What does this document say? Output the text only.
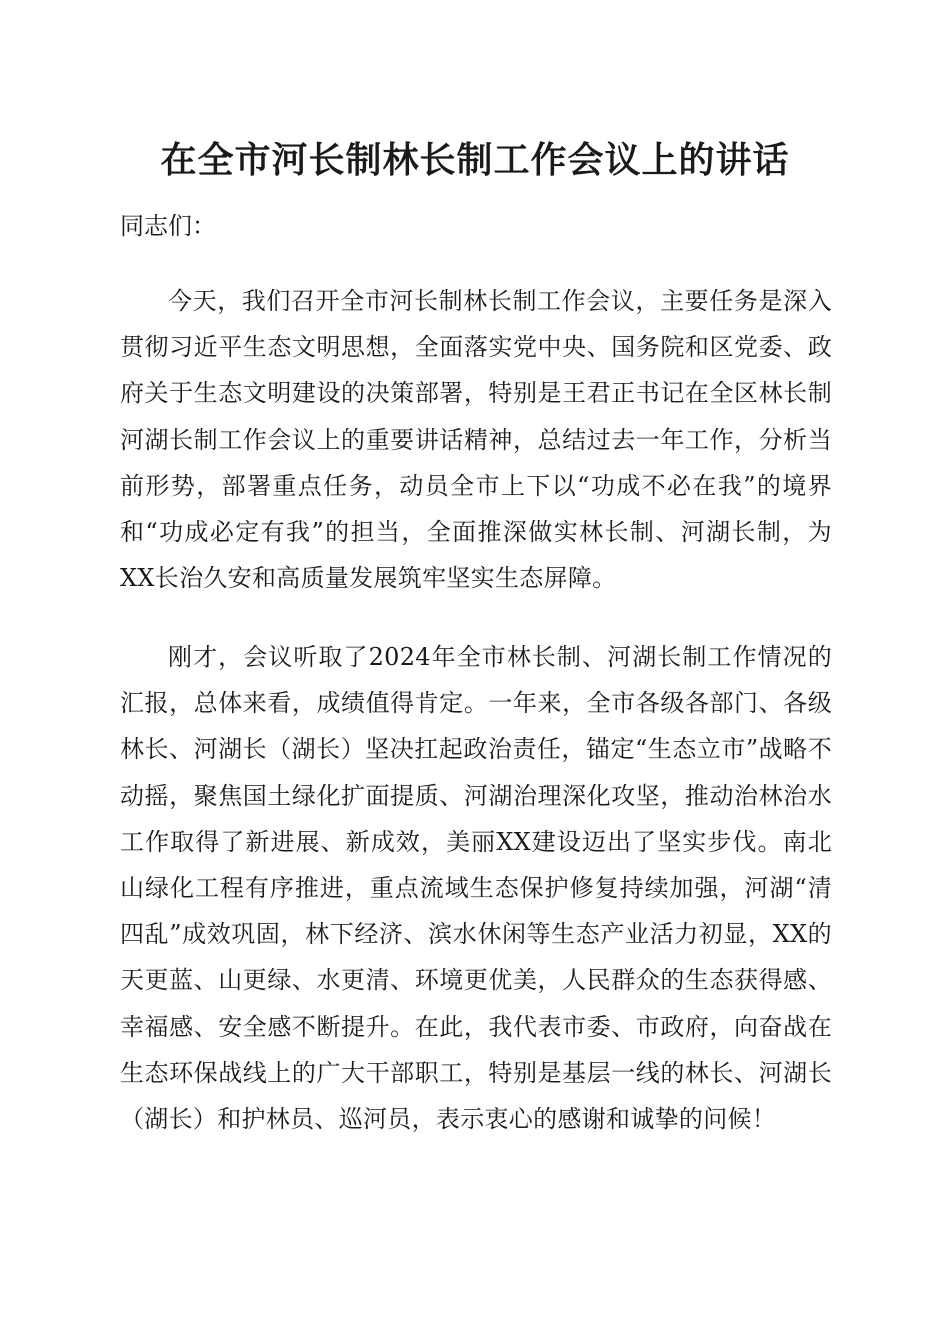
在全市河长制林长制工作会议上的讲话

同志们：

今天，我们召开全市河长制林长制工作会议，主要任务是深入贯彻习近平生态文明思想，全面落实党中央、国务院和区党委、政府关于生态文明建设的决策部署，特别是王君正书记在全区林长制河湖长制工作会议上的重要讲话精神，总结过去一年工作，分析当前形势，部署重点任务，动员全市上下以“功成不必在我”的境界和“功成必定有我”的担当，全面推深做实林长制、河湖长制，为XX长治久安和高质量发展筑牢坚实生态屏障。

刚才，会议听取了2024年全市林长制、河湖长制工作情况的汇报，总体来看，成绩值得肯定。一年来，全市各级各部门、各级林长、河湖长（湖长）坚决扛起政治责任，锚定“生态立市”战略不动摇，聚焦国土绿化扩面提质、河湖治理深化攻坚，推动治林治水工作取得了新进展、新成效，美丽XX建设迈出了坚实步伐。南北山绿化工程有序推进，重点流域生态保护修复持续加强，河湖“清四乱”成效巩固，林下经济、滨水休闲等生态产业活力初显，XX的天更蓝、山更绿、水更清、环境更优美，人民群众的生态获得感、幸福感、安全感不断提升。在此，我代表市委、市政府，向奋战在生态环保战线上的广大干部职工，特别是基层一线的林长、河湖长（湖长）和护林员、巡河员，表示衷心的感谢和诚挚的问候！
